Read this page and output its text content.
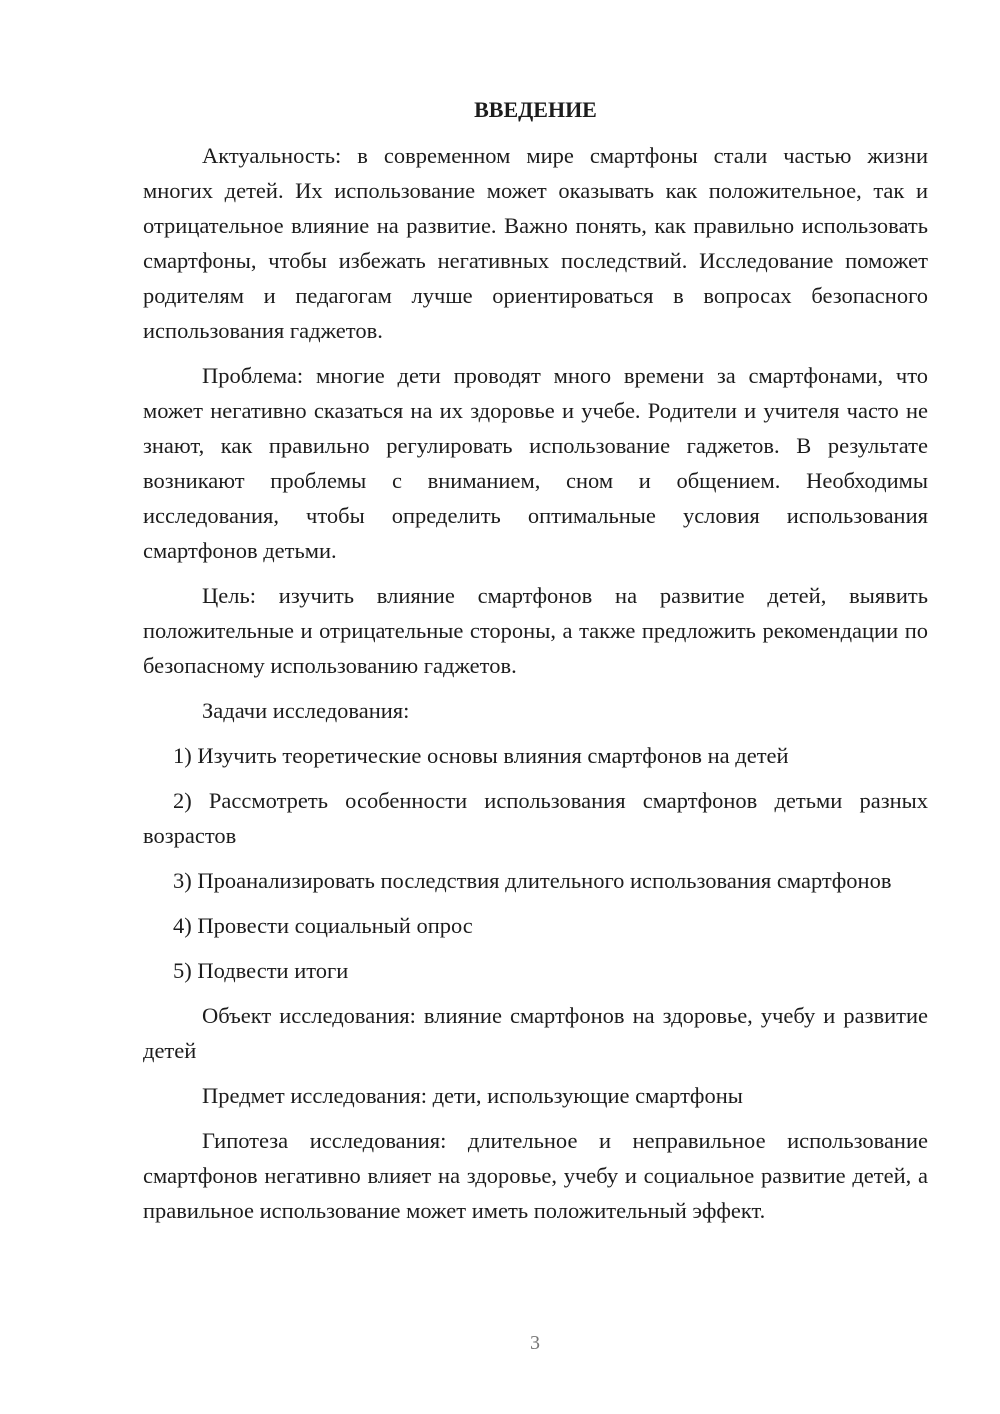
ВВЕДЕНИЕ

Актуальность: в современном мире смартфоны стали частью жизни многих детей. Их использование может оказывать как положительное, так и отрицательное влияние на развитие. Важно понять, как правильно использовать смартфоны, чтобы избежать негативных последствий. Исследование поможет родителям и педагогам лучше ориентироваться в вопросах безопасного использования гаджетов.

Проблема: многие дети проводят много времени за смартфонами, что может негативно сказаться на их здоровье и учебе. Родители и учителя часто не знают, как правильно регулировать использование гаджетов. В результате возникают проблемы с вниманием, сном и общением. Необходимы исследования, чтобы определить оптимальные условия использования смартфонов детьми.

Цель: изучить влияние смартфонов на развитие детей, выявить положительные и отрицательные стороны, а также предложить рекомендации по безопасному использованию гаджетов.

Задачи исследования:

1) Изучить теоретические основы влияния смартфонов на детей

2) Рассмотреть особенности использования смартфонов детьми разных возрастов

3) Проанализировать последствия длительного использования смартфонов

4) Провести социальный опрос

5) Подвести итоги

Объект исследования: влияние смартфонов на здоровье, учебу и развитие детей

Предмет исследования: дети, использующие смартфоны

Гипотеза исследования: длительное и неправильное использование смартфонов негативно влияет на здоровье, учебу и социальное развитие детей, а правильное использование может иметь положительный эффект.

3
